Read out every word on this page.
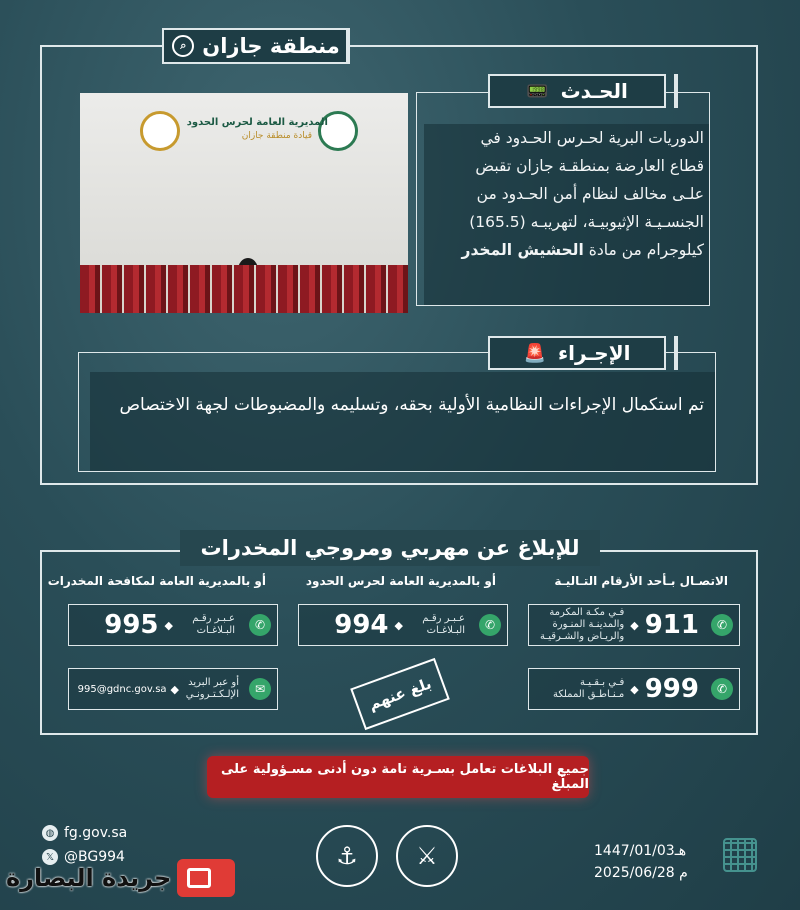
منطقة جازان
⌕
المديرية العامة لحرس الحدود
قيادة منطقة جازان
الحـدث
📟
الدوريات البرية لحـرس الحـدود في
قطاع العارضة بمنطقـة جازان تقبض
علـى مخالف لنظام أمن الحـدود من
الجنسـيـة الإثيوبيـة، لتهريبـه (165.5)
كيلوجرام من مادة الحشيش المخدر
الإجـراء
🚨
تم استكمال الإجراءات النظامية الأولية بحقه، وتسليمه والمضبوطات لجهة الاختصاص
للإبلاغ عن مهربي ومروجي المخدرات
الاتصـال بـأحد الأرقام التـاليـة
أو بالمديرية العامة لحرس الحدود
أو بالمديرية العامة لمكافحة المخدرات
✆
911
◆
فـي مكـة المكرمة والمدينـة المنـورة والريـاض والشـرقيـة
✆
999
◆
فـي بـقـيـة مـنـاطـق المملكة
✆
عـبـر رقـم البـلاغـات
◆
994
✆
عـبـر رقـم البـلاغـات
◆
995
✉
أو عبر البريد الإلـكـتـرونـي
◆
995@gdnc.gov.sa	بلغ عنهم
جميع البلاغات تعامل بسـرية تامة دون أدنى مسـؤولية على المبلّغ
1447/01/03هـ
2025/06/28 م
⚔
⚓
◍ fg.gov.sa
𝕏 @BG994
جريدة البصارة
